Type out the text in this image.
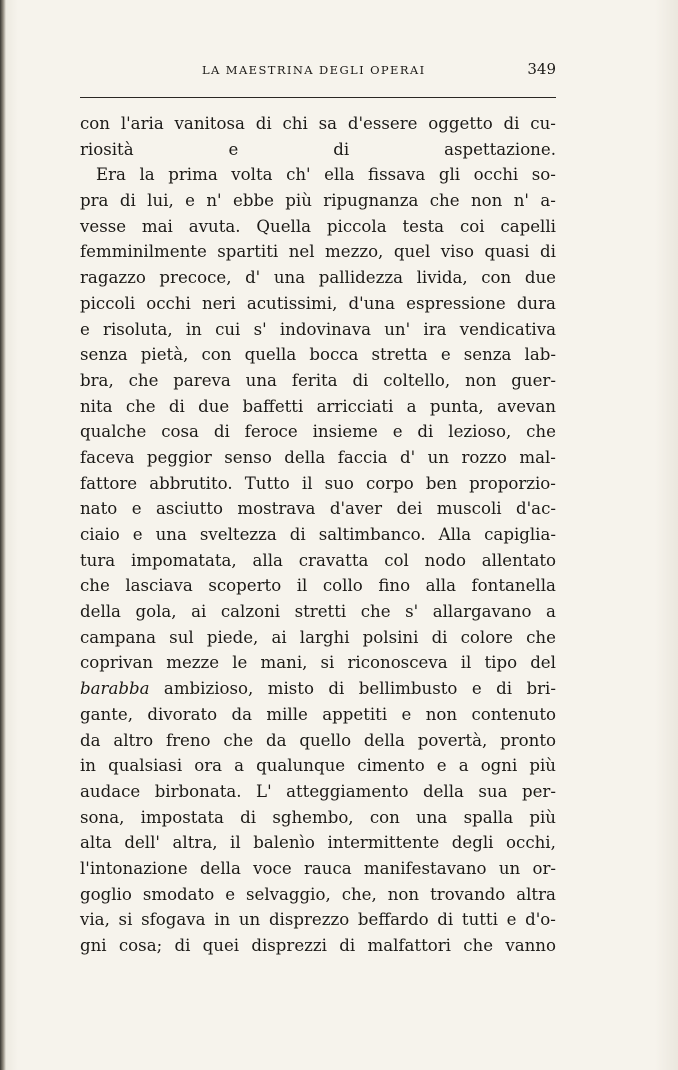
LA MAESTRINA DEGLI OPERAI	349
con l'aria vanitosa di chi sa d'essere oggetto di cu-
riosità	e	di	aspettazione.
Era la prima volta ch' ella fissava gli occhi so-
pra di lui, e n' ebbe più ripugnanza che non n' a-
vesse mai avuta. Quella piccola testa coi capelli
femminilmente spartiti nel mezzo, quel viso quasi di
ragazzo precoce, d' una pallidezza livida, con due
piccoli occhi neri acutissimi, d'una espressione dura
e risoluta, in cui s' indovinava un' ira vendicativa
senza pietà, con quella bocca stretta e senza lab-
bra, che pareva una ferita di coltello, non guer-
nita che di due baffetti arricciati a punta, avevan
qualche cosa di feroce insieme e di lezioso, che
faceva peggior senso della faccia d' un rozzo mal-
fattore abbrutito. Tutto il suo corpo ben proporzio-
nato e asciutto mostrava d'aver dei muscoli d'ac-
ciaio e una sveltezza di saltimbanco. Alla capiglia-
tura impomatata, alla cravatta col nodo allentato
che lasciava scoperto il collo fino alla fontanella
della gola, ai calzoni stretti che s' allargavano a
campana sul piede, ai larghi polsini di colore che
coprivan mezze le mani, si riconosceva il tipo del
barabba ambizioso, misto di bellimbusto e di bri-
gante, divorato da mille appetiti e non contenuto
da altro freno che da quello della povertà, pronto
in qualsiasi ora a qualunque cimento e a ogni più
audace birbonata. L' atteggiamento della sua per-
sona, impostata di sghembo, con una spalla più
alta dell' altra, il balenìo intermittente degli occhi,
l'intonazione della voce rauca manifestavano un or-
goglio smodato e selvaggio, che, non trovando altra
via, si sfogava in un disprezzo beffardo di tutti e d'o-
gni cosa; di quei disprezzi di malfattori che vanno
